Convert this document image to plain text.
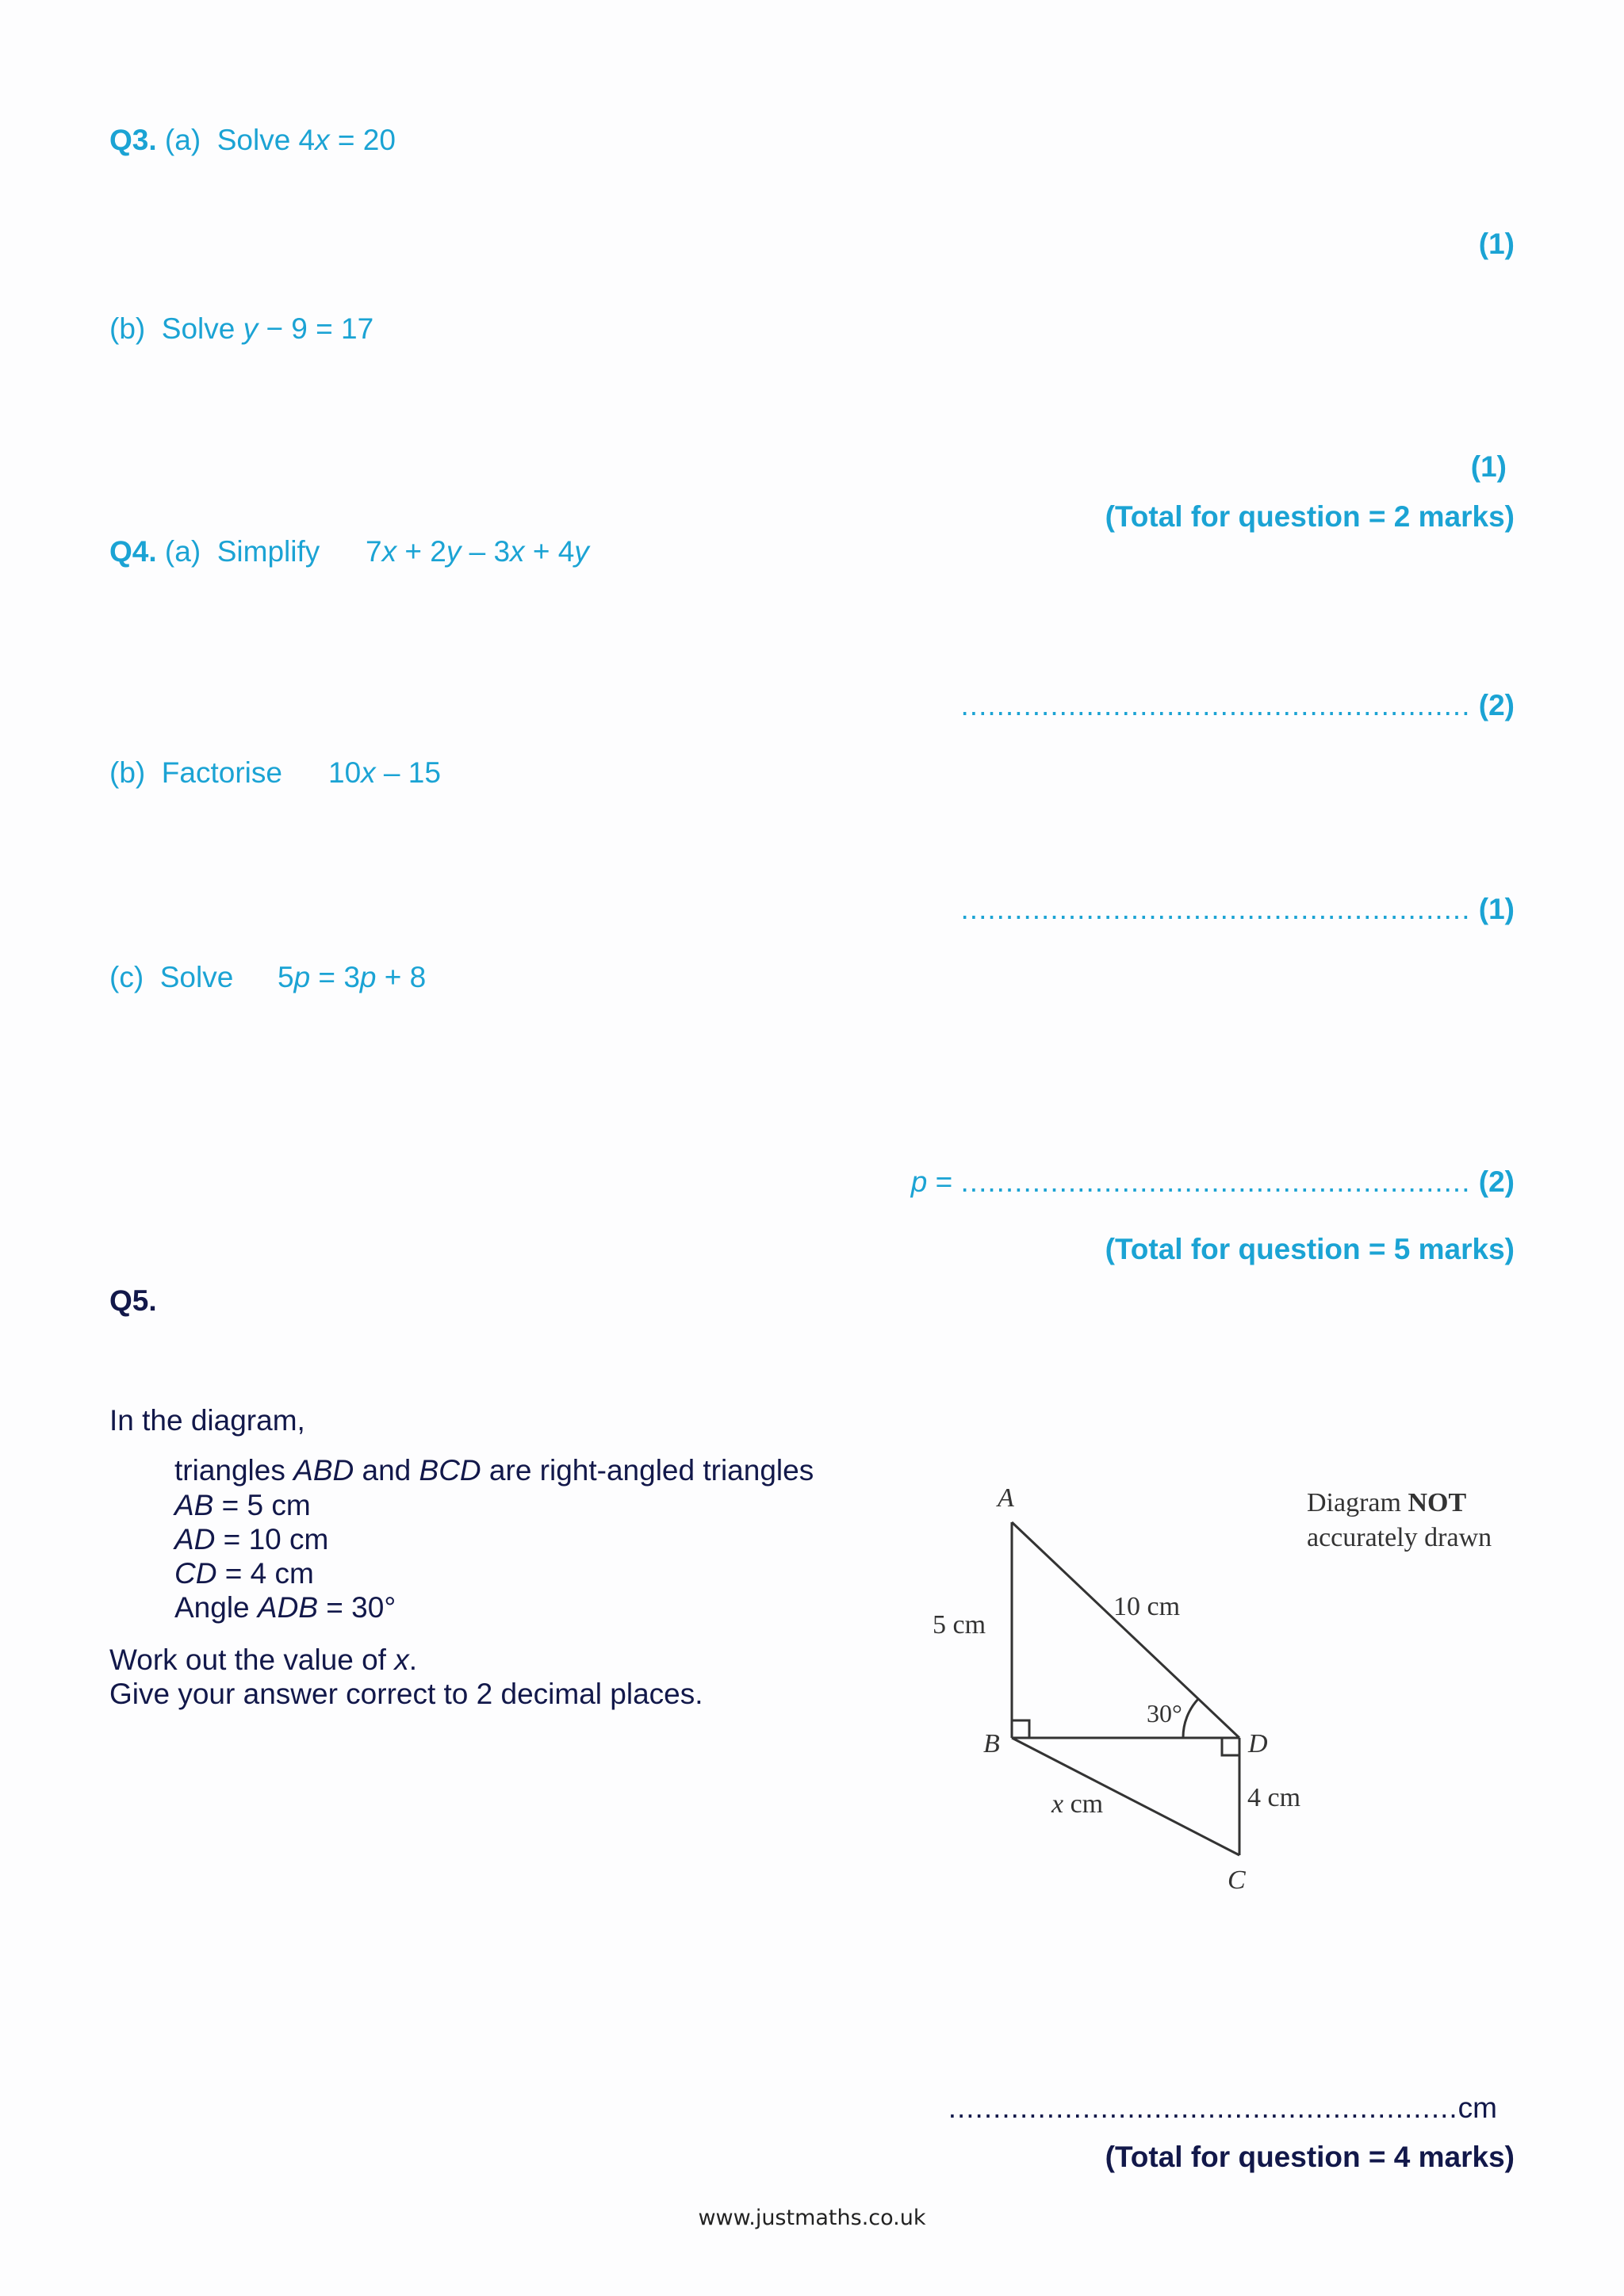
Q3. (a) Solve 4x = 20
(1)
(b) Solve y − 9 = 17
(1)
(Total for question = 2 marks)
Q4. (a) Simplify 7x + 2y – 3x + 4y
......................................................... (2)
(b) Factorise 10x – 15
......................................................... (1)
(c) Solve 5p = 3p + 8
p = ......................................................... (2)
(Total for question = 5 marks)
Q5.
In the diagram,
triangles ABD and BCD are right-angled triangles
AB = 5 cm
AD = 10 cm
CD = 4 cm
Angle ADB = 30°
Work out the value of x.
Give your answer correct to 2 decimal places.
A
B
C
D
5 cm
10 cm
30°
4 cm
x cm
Diagram NOT
accurately drawn
.........................................................cm
(Total for question = 4 marks)
www.justmaths.co.uk
